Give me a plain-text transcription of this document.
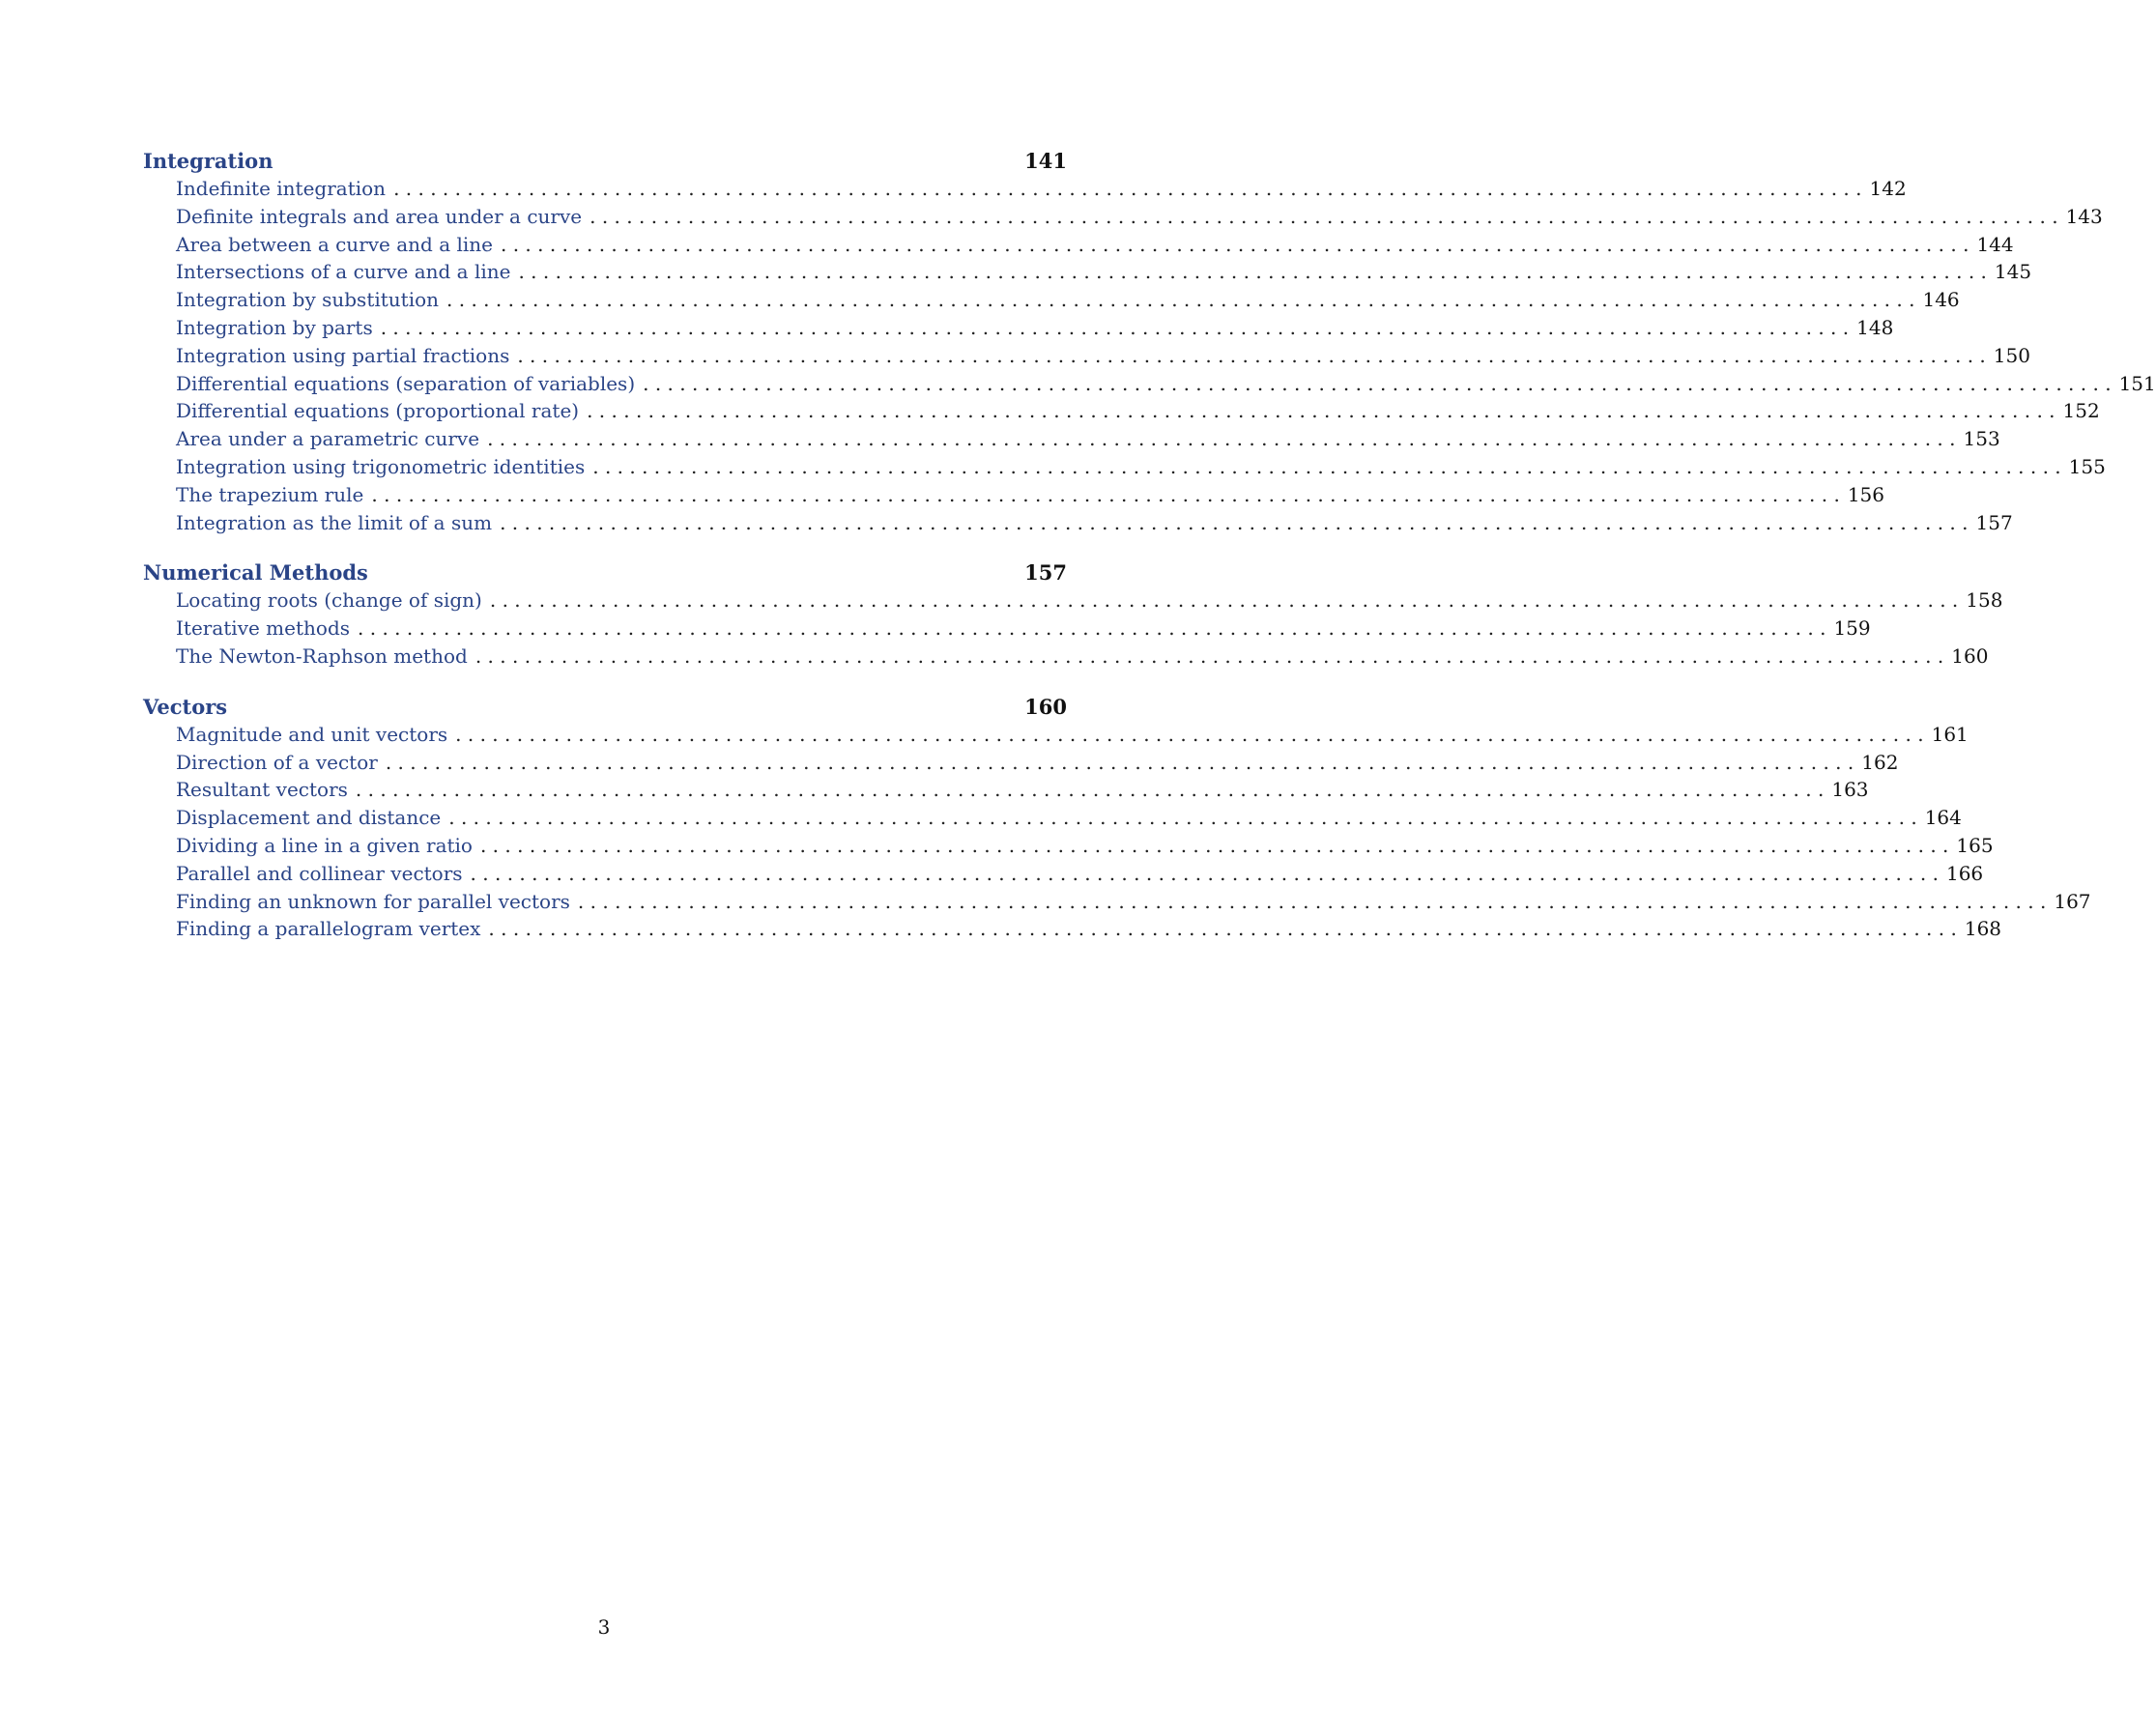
Integration	141
Indefinite integration . . . . . . . . . . . . . . . . . . . . . . . . . . . . . . . . . . . . . . . . . . . . . . . . . . . . . . . . . . . . . . . . . . . . . . . . . . . . . . . . . . . . . . . . . . . . . . . . . . . . . . . . . . . . . . . . . . . . . . . . 142
Definite integrals and area under a curve . . . . . . . . . . . . . . . . . . . . . . . . . . . . . . . . . . . . . . . . . . . . . . . . . . . . . . . . . . . . . . . . . . . . . . . . . . . . . . . . . . . . . . . . . . . . . . . . . . . . . . . . . . . . . . . . . . . . . . . . 143
Area between a curve and a line . . . . . . . . . . . . . . . . . . . . . . . . . . . . . . . . . . . . . . . . . . . . . . . . . . . . . . . . . . . . . . . . . . . . . . . . . . . . . . . . . . . . . . . . . . . . . . . . . . . . . . . . . . . . . . . . . . . . . . . . 144
Intersections of a curve and a line . . . . . . . . . . . . . . . . . . . . . . . . . . . . . . . . . . . . . . . . . . . . . . . . . . . . . . . . . . . . . . . . . . . . . . . . . . . . . . . . . . . . . . . . . . . . . . . . . . . . . . . . . . . . . . . . . . . . . . . . 145
Integration by substitution . . . . . . . . . . . . . . . . . . . . . . . . . . . . . . . . . . . . . . . . . . . . . . . . . . . . . . . . . . . . . . . . . . . . . . . . . . . . . . . . . . . . . . . . . . . . . . . . . . . . . . . . . . . . . . . . . . . . . . . . 146
Integration by parts . . . . . . . . . . . . . . . . . . . . . . . . . . . . . . . . . . . . . . . . . . . . . . . . . . . . . . . . . . . . . . . . . . . . . . . . . . . . . . . . . . . . . . . . . . . . . . . . . . . . . . . . . . . . . . . . . . . . . . . . 148
Integration using partial fractions . . . . . . . . . . . . . . . . . . . . . . . . . . . . . . . . . . . . . . . . . . . . . . . . . . . . . . . . . . . . . . . . . . . . . . . . . . . . . . . . . . . . . . . . . . . . . . . . . . . . . . . . . . . . . . . . . . . . . . . . 150
Differential equations (separation of variables) . . . . . . . . . . . . . . . . . . . . . . . . . . . . . . . . . . . . . . . . . . . . . . . . . . . . . . . . . . . . . . . . . . . . . . . . . . . . . . . . . . . . . . . . . . . . . . . . . . . . . . . . . . . . . . . . . . . . . . . . 151
Differential equations (proportional rate) . . . . . . . . . . . . . . . . . . . . . . . . . . . . . . . . . . . . . . . . . . . . . . . . . . . . . . . . . . . . . . . . . . . . . . . . . . . . . . . . . . . . . . . . . . . . . . . . . . . . . . . . . . . . . . . . . . . . . . . . 152
Area under a parametric curve . . . . . . . . . . . . . . . . . . . . . . . . . . . . . . . . . . . . . . . . . . . . . . . . . . . . . . . . . . . . . . . . . . . . . . . . . . . . . . . . . . . . . . . . . . . . . . . . . . . . . . . . . . . . . . . . . . . . . . . . 153
Integration using trigonometric identities . . . . . . . . . . . . . . . . . . . . . . . . . . . . . . . . . . . . . . . . . . . . . . . . . . . . . . . . . . . . . . . . . . . . . . . . . . . . . . . . . . . . . . . . . . . . . . . . . . . . . . . . . . . . . . . . . . . . . . . . 155
The trapezium rule . . . . . . . . . . . . . . . . . . . . . . . . . . . . . . . . . . . . . . . . . . . . . . . . . . . . . . . . . . . . . . . . . . . . . . . . . . . . . . . . . . . . . . . . . . . . . . . . . . . . . . . . . . . . . . . . . . . . . . . . 156
Integration as the limit of a sum . . . . . . . . . . . . . . . . . . . . . . . . . . . . . . . . . . . . . . . . . . . . . . . . . . . . . . . . . . . . . . . . . . . . . . . . . . . . . . . . . . . . . . . . . . . . . . . . . . . . . . . . . . . . . . . . . . . . . . . . 157
Numerical Methods	157
Locating roots (change of sign) . . . . . . . . . . . . . . . . . . . . . . . . . . . . . . . . . . . . . . . . . . . . . . . . . . . . . . . . . . . . . . . . . . . . . . . . . . . . . . . . . . . . . . . . . . . . . . . . . . . . . . . . . . . . . . . . . . . . . . . . 158
Iterative methods . . . . . . . . . . . . . . . . . . . . . . . . . . . . . . . . . . . . . . . . . . . . . . . . . . . . . . . . . . . . . . . . . . . . . . . . . . . . . . . . . . . . . . . . . . . . . . . . . . . . . . . . . . . . . . . . . . . . . . . . 159
The Newton-Raphson method . . . . . . . . . . . . . . . . . . . . . . . . . . . . . . . . . . . . . . . . . . . . . . . . . . . . . . . . . . . . . . . . . . . . . . . . . . . . . . . . . . . . . . . . . . . . . . . . . . . . . . . . . . . . . . . . . . . . . . . . 160
Vectors	160
Magnitude and unit vectors . . . . . . . . . . . . . . . . . . . . . . . . . . . . . . . . . . . . . . . . . . . . . . . . . . . . . . . . . . . . . . . . . . . . . . . . . . . . . . . . . . . . . . . . . . . . . . . . . . . . . . . . . . . . . . . . . . . . . . . . 161
Direction of a vector . . . . . . . . . . . . . . . . . . . . . . . . . . . . . . . . . . . . . . . . . . . . . . . . . . . . . . . . . . . . . . . . . . . . . . . . . . . . . . . . . . . . . . . . . . . . . . . . . . . . . . . . . . . . . . . . . . . . . . . . 162
Resultant vectors . . . . . . . . . . . . . . . . . . . . . . . . . . . . . . . . . . . . . . . . . . . . . . . . . . . . . . . . . . . . . . . . . . . . . . . . . . . . . . . . . . . . . . . . . . . . . . . . . . . . . . . . . . . . . . . . . . . . . . . . 163
Displacement and distance . . . . . . . . . . . . . . . . . . . . . . . . . . . . . . . . . . . . . . . . . . . . . . . . . . . . . . . . . . . . . . . . . . . . . . . . . . . . . . . . . . . . . . . . . . . . . . . . . . . . . . . . . . . . . . . . . . . . . . . . 164
Dividing a line in a given ratio . . . . . . . . . . . . . . . . . . . . . . . . . . . . . . . . . . . . . . . . . . . . . . . . . . . . . . . . . . . . . . . . . . . . . . . . . . . . . . . . . . . . . . . . . . . . . . . . . . . . . . . . . . . . . . . . . . . . . . . . 165
Parallel and collinear vectors . . . . . . . . . . . . . . . . . . . . . . . . . . . . . . . . . . . . . . . . . . . . . . . . . . . . . . . . . . . . . . . . . . . . . . . . . . . . . . . . . . . . . . . . . . . . . . . . . . . . . . . . . . . . . . . . . . . . . . . . 166
Finding an unknown for parallel vectors . . . . . . . . . . . . . . . . . . . . . . . . . . . . . . . . . . . . . . . . . . . . . . . . . . . . . . . . . . . . . . . . . . . . . . . . . . . . . . . . . . . . . . . . . . . . . . . . . . . . . . . . . . . . . . . . . . . . . . . . 167
Finding a parallelogram vertex . . . . . . . . . . . . . . . . . . . . . . . . . . . . . . . . . . . . . . . . . . . . . . . . . . . . . . . . . . . . . . . . . . . . . . . . . . . . . . . . . . . . . . . . . . . . . . . . . . . . . . . . . . . . . . . . . . . . . . . . 168
3
